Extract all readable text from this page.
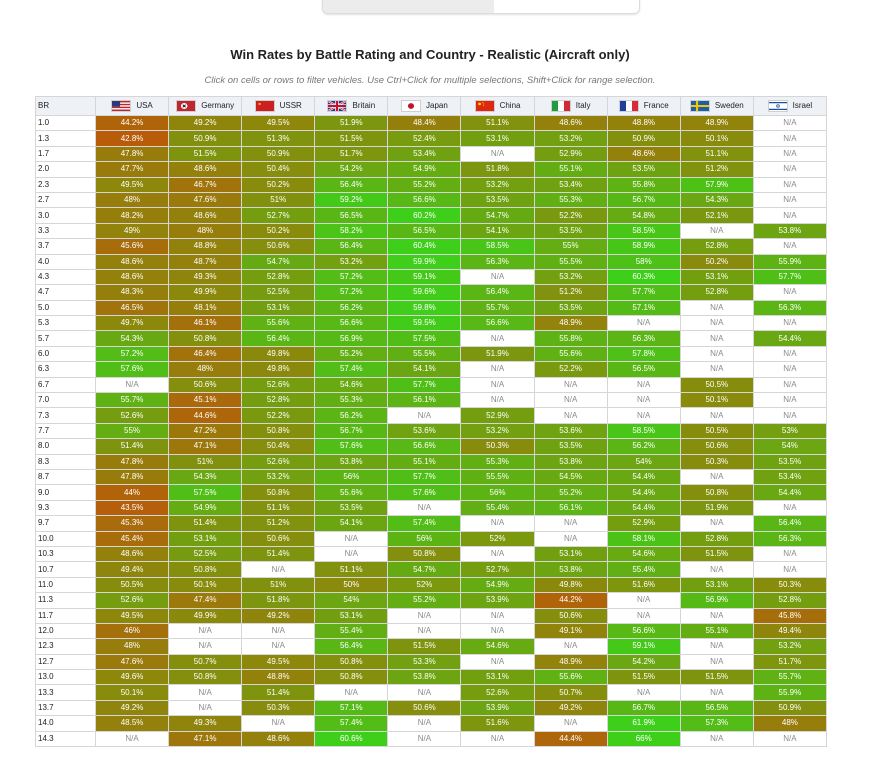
Win Rates by Battle Rating and Country - Realistic (Aircraft only)
Click on cells or rows to filter vehicles. Use Ctrl+Click for multiple selections, Shift+Click for range selection.
BR	USA	Germany	USSR	Britain	Japan	China	Italy	France	Sweden	Israel

1.0	44.2%	49.2%	49.5%	51.9%	48.4%	51.1%	48.6%	48.8%	48.9%	N/A
1.3	42.8%	50.9%	51.3%	51.5%	52.4%	53.1%	53.2%	50.9%	50.1%	N/A
1.7	47.8%	51.5%	50.9%	51.7%	53.4%	N/A	52.9%	48.6%	51.1%	N/A
2.0	47.7%	48.6%	50.4%	54.2%	54.9%	51.8%	55.1%	53.5%	51.2%	N/A
2.3	49.5%	46.7%	50.2%	56.4%	55.2%	53.2%	53.4%	55.8%	57.9%	N/A
2.7	48%	47.6%	51%	59.2%	56.6%	53.5%	55.3%	56.7%	54.3%	N/A
3.0	48.2%	48.6%	52.7%	56.5%	60.2%	54.7%	52.2%	54.8%	52.1%	N/A
3.3	49%	48%	50.2%	58.2%	56.5%	54.1%	53.5%	58.5%	N/A	53.8%
3.7	45.6%	48.8%	50.6%	56.4%	60.4%	58.5%	55%	58.9%	52.8%	N/A
4.0	48.6%	48.7%	54.7%	53.2%	59.9%	56.3%	55.5%	58%	50.2%	55.9%
4.3	48.6%	49.3%	52.8%	57.2%	59.1%	N/A	53.2%	60.3%	53.1%	57.7%
4.7	48.3%	49.9%	52.5%	57.2%	59.6%	56.4%	51.2%	57.7%	52.8%	N/A
5.0	46.5%	48.1%	53.1%	56.2%	59.8%	55.7%	53.5%	57.1%	N/A	56.3%
5.3	49.7%	46.1%	55.6%	56.6%	59.5%	56.6%	48.9%	N/A	N/A	N/A
5.7	54.3%	50.8%	56.4%	56.9%	57.5%	N/A	55.8%	56.3%	N/A	54.4%
6.0	57.2%	46.4%	49.8%	55.2%	55.5%	51.9%	55.6%	57.8%	N/A	N/A
6.3	57.6%	48%	49.8%	57.4%	54.1%	N/A	52.2%	56.5%	N/A	N/A
6.7	N/A	50.6%	52.6%	54.6%	57.7%	N/A	N/A	N/A	50.5%	N/A
7.0	55.7%	45.1%	52.8%	55.3%	56.1%	N/A	N/A	N/A	50.1%	N/A
7.3	52.6%	44.6%	52.2%	56.2%	N/A	52.9%	N/A	N/A	N/A	N/A
7.7	55%	47.2%	50.8%	56.7%	53.6%	53.2%	53.6%	58.5%	50.5%	53%
8.0	51.4%	47.1%	50.4%	57.6%	56.6%	50.3%	53.5%	56.2%	50.6%	54%
8.3	47.8%	51%	52.6%	53.8%	55.1%	55.3%	53.8%	54%	50.3%	53.5%
8.7	47.8%	54.3%	53.2%	56%	57.7%	55.5%	54.5%	54.4%	N/A	53.4%
9.0	44%	57.5%	50.8%	55.6%	57.6%	56%	55.2%	54.4%	50.8%	54.4%
9.3	43.5%	54.9%	51.1%	53.5%	N/A	55.4%	56.1%	54.4%	51.9%	N/A
9.7	45.3%	51.4%	51.2%	54.1%	57.4%	N/A	N/A	52.9%	N/A	56.4%
10.0	45.4%	53.1%	50.6%	N/A	56%	52%	N/A	58.1%	52.8%	56.3%
10.3	48.6%	52.5%	51.4%	N/A	50.8%	N/A	53.1%	54.6%	51.5%	N/A
10.7	49.4%	50.8%	N/A	51.1%	54.7%	52.7%	53.8%	55.4%	N/A	N/A
11.0	50.5%	50.1%	51%	50%	52%	54.9%	49.8%	51.6%	53.1%	50.3%
11.3	52.6%	47.4%	51.8%	54%	55.2%	53.9%	44.2%	N/A	56.9%	52.8%
11.7	49.5%	49.9%	49.2%	53.1%	N/A	N/A	50.6%	N/A	N/A	45.8%
12.0	46%	N/A	N/A	55.4%	N/A	N/A	49.1%	56.6%	55.1%	49.4%
12.3	48%	N/A	N/A	56.4%	51.5%	54.6%	N/A	59.1%	N/A	53.2%
12.7	47.6%	50.7%	49.5%	50.8%	53.3%	N/A	48.9%	54.2%	N/A	51.7%
13.0	49.6%	50.8%	48.8%	50.8%	53.8%	53.1%	55.6%	51.5%	51.5%	55.7%
13.3	50.1%	N/A	51.4%	N/A	N/A	52.6%	50.7%	N/A	N/A	55.9%
13.7	49.2%	N/A	50.3%	57.1%	50.6%	53.9%	49.2%	56.7%	56.5%	50.9%
14.0	48.5%	49.3%	N/A	57.4%	N/A	51.6%	N/A	61.9%	57.3%	48%
14.3	N/A	47.1%	48.6%	60.6%	N/A	N/A	44.4%	66%	N/A	N/A
